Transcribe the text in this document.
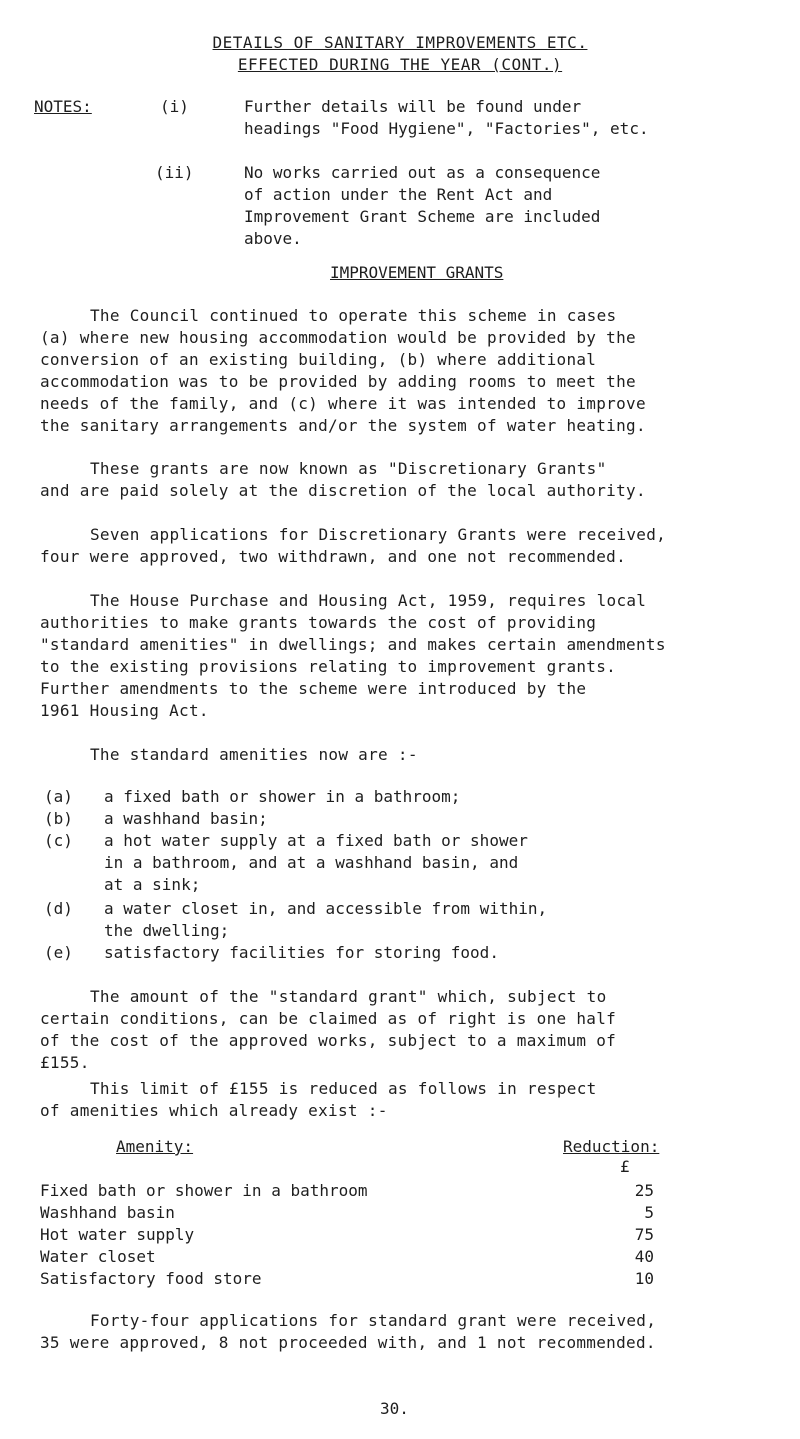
DETAILS OF SANITARY IMPROVEMENTS ETC.
EFFECTED DURING THE YEAR (CONT.)
NOTES:	(i)	Further details will be found under
headings "Food Hygiene", "Factories", etc.
(ii)	No works carried out as a consequence
of action under the Rent Act and
Improvement Grant Scheme are included
above.
IMPROVEMENT GRANTS
The Council continued to operate this scheme in cases
(a) where new housing accommodation would be provided by the
conversion of an existing building, (b) where additional
accommodation was to be provided by adding rooms to meet the
needs of the family, and (c) where it was intended to improve
the sanitary arrangements and/or the system of water heating.
These grants are now known as "Discretionary Grants"
and are paid solely at the discretion of the local authority.
Seven applications for Discretionary Grants were received,
four were approved, two withdrawn, and one not recommended.
The House Purchase and Housing Act, 1959, requires local
authorities to make grants towards the cost of providing
"standard amenities" in dwellings; and makes certain amendments
to the existing provisions relating to improvement grants.
Further amendments to the scheme were introduced by the
1961 Housing Act.
The standard amenities now are :-
(a) a fixed bath or shower in a bathroom;
(b) a washhand basin;
(c) a hot water supply at a fixed bath or shower
in a bathroom, and at a washhand basin, and
at a sink;
(d) a water closet in, and accessible from within,
the dwelling;
(e) satisfactory facilities for storing food.
The amount of the "standard grant" which, subject to
certain conditions, can be claimed as of right is one half
of the cost of the approved works, subject to a maximum of
£155.
This limit of £155 is reduced as follows in respect
of amenities which already exist :-
Amenity:	Reduction:
£
Fixed bath or shower in a bathroom	25
Washhand basin	5
Hot water supply	75
Water closet	40
Satisfactory food store	10
Forty-four applications for standard grant were received,
35 were approved, 8 not proceeded with, and 1 not recommended.
30.
